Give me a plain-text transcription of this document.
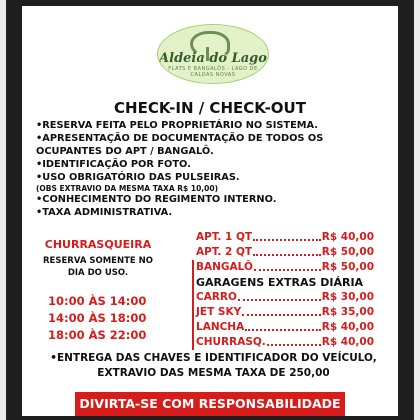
Aldeia do Lago
FLATS E BANGALÔS · LAGO DE CALDAS NOVAS
CHECK-IN / CHECK-OUT
•RESERVA FEITA PELO PROPRIETÁRIO NO SISTEMA.
•APRESENTAÇÃO DE DOCUMENTAÇÃO DE TODOS OS OCUPANTES DO APT / BANGALÔ.
•IDENTIFICAÇÃO POR FOTO.
•USO OBRIGATÓRIO DAS PULSEIRAS.
(OBS EXTRAVIO DA MESMA TAXA R$ 10,00)
•CONHECIMENTO DO REGIMENTO INTERNO.
•TAXA ADMINISTRATIVA.
CHURRASQUEIRA
RESERVA SOMENTE NO DIA DO USO.
10:00 ÀS 14:00
14:00 ÀS 18:00
18:00 ÀS 22:00
APT. 1 QT	R$ 40,00
APT. 2 QT	R$ 50,00
BANGALÔ	R$ 50,00
GARAGENS EXTRAS DIÁRIA
CARRO	R$ 30,00
JET SKY	R$ 35,00
LANCHA	R$ 40,00
CHURRASQ.	R$ 40,00
•ENTREGA DAS CHAVES E IDENTIFICADOR DO VEÍCULO, EXTRAVIO DAS MESMA TAXA DE 250,00
DIVIRTA-SE COM RESPONSABILIDADE
